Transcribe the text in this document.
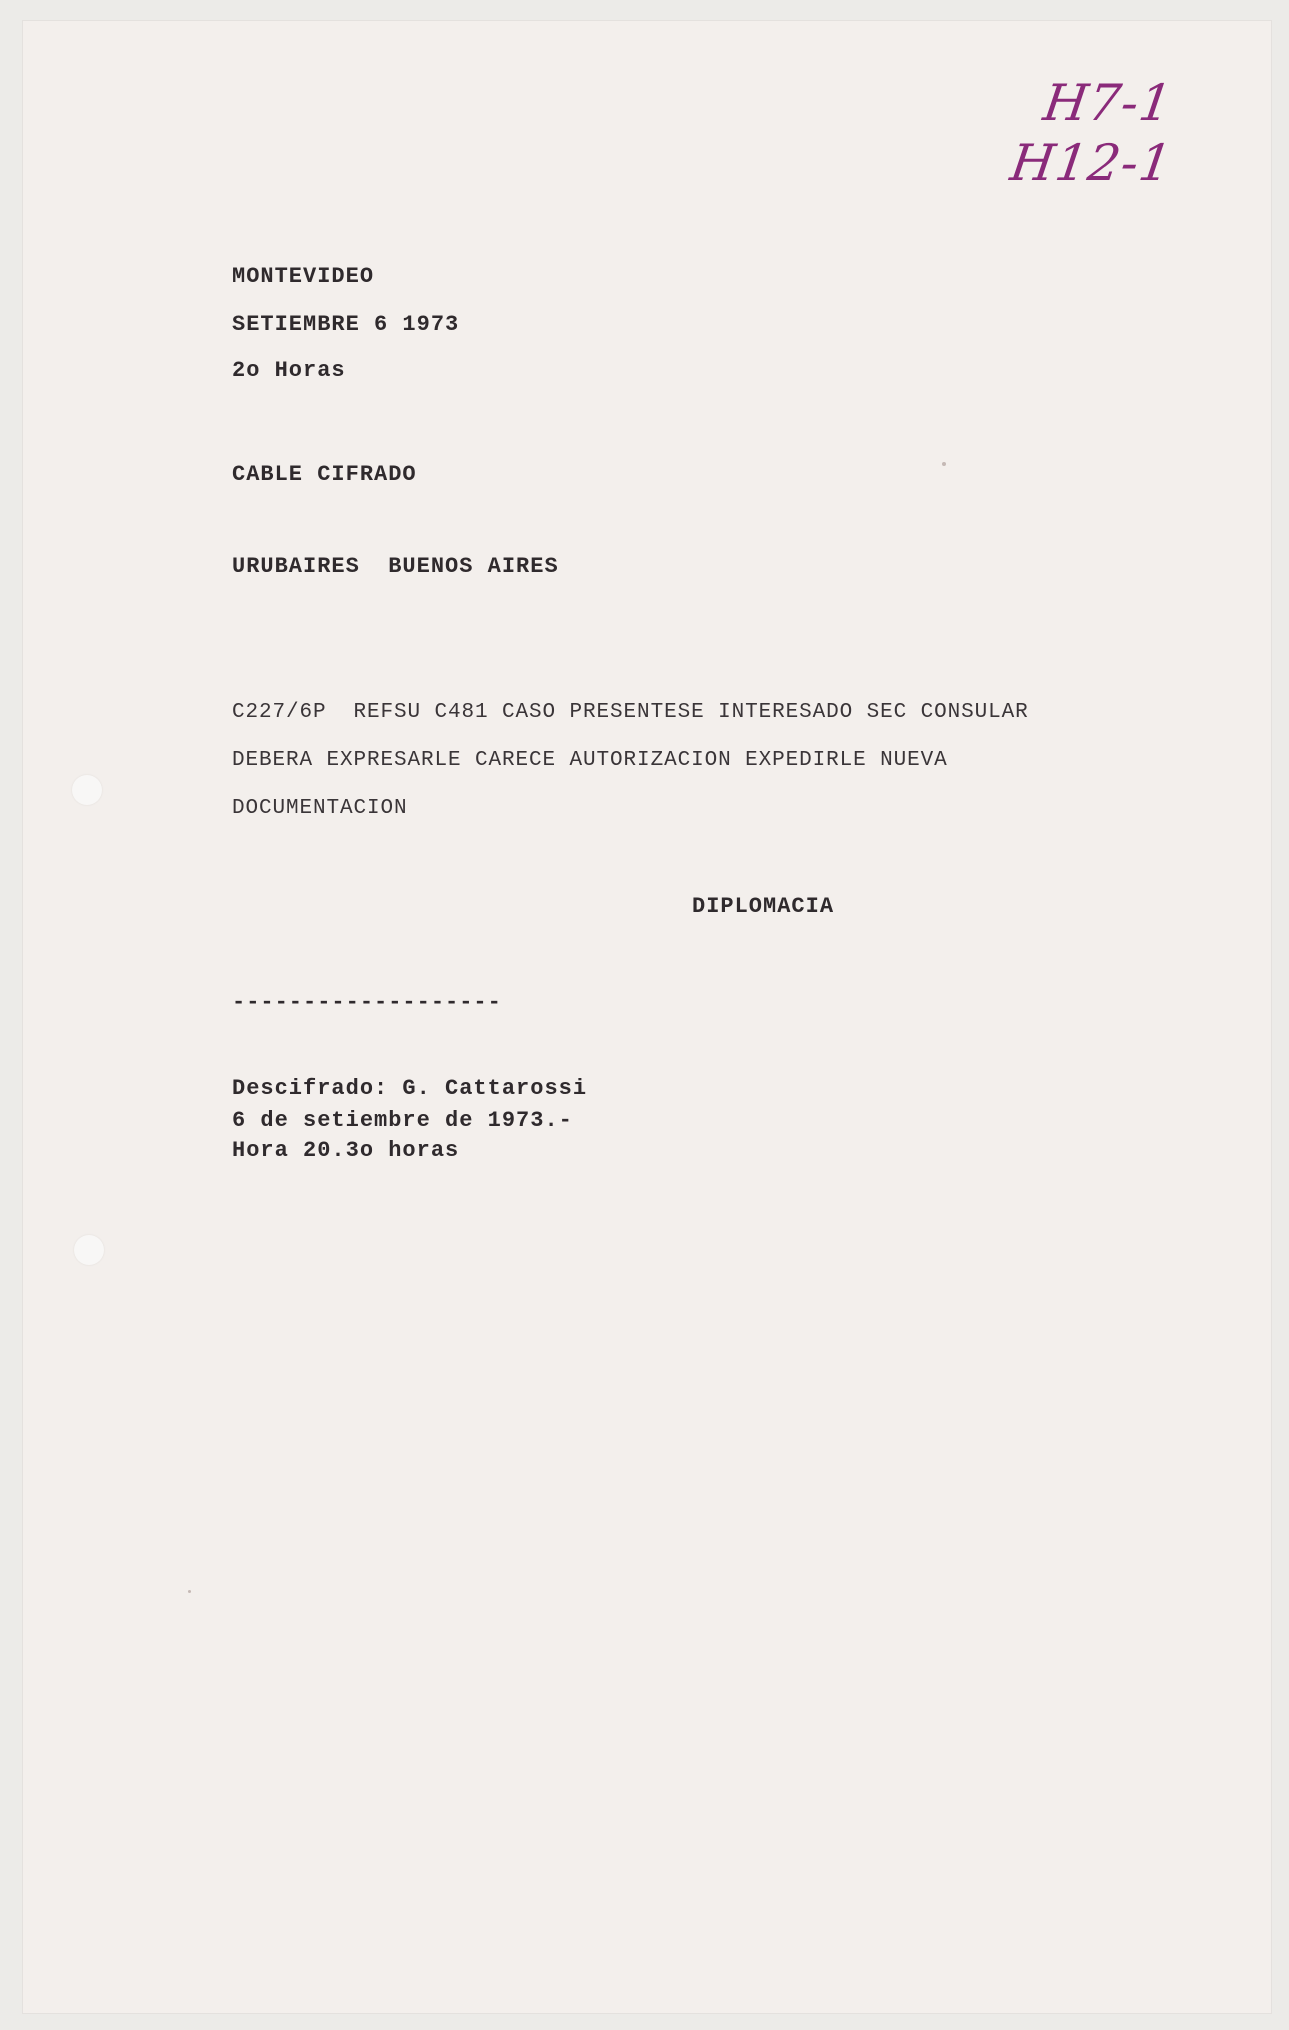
H7-1
H12-1
MONTEVIDEO
SETIEMBRE 6 1973
2o Horas
CABLE CIFRADO
URUBAIRES  BUENOS AIRES
C227/6P  REFSU C481 CASO PRESENTESE INTERESADO SEC CONSULAR
DEBERA EXPRESARLE CARECE AUTORIZACION EXPEDIRLE NUEVA
DOCUMENTACION
DIPLOMACIA
-------------------
Descifrado: G. Cattarossi
6 de setiembre de 1973.-
Hora 20.3o horas
